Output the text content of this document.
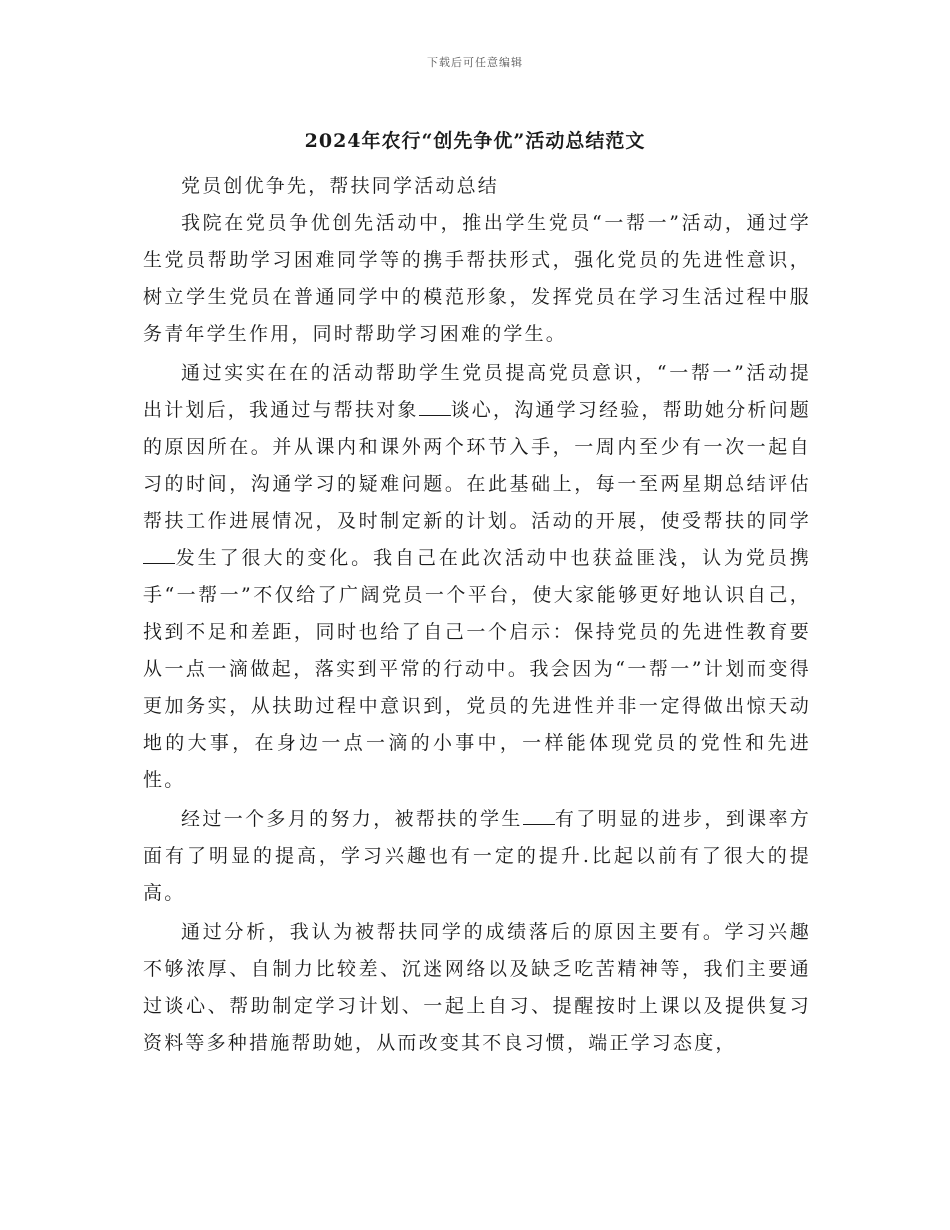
下载后可任意编辑
2024年农行“创先争优”活动总结范文

党员创优争先，帮扶同学活动总结

我院在党员争优创先活动中，推出学生党员“一帮一”活动，通过学生党员帮助学习困难同学等的携手帮扶形式，强化党员的先进性意识，树立学生党员在普通同学中的模范形象，发挥党员在学习生活过程中服务青年学生作用，同时帮助学习困难的学生。

通过实实在在的活动帮助学生党员提高党员意识，“一帮一”活动提出计划后，我通过与帮扶对象 谈心，沟通学习经验，帮助她分析问题的原因所在。并从课内和课外两个环节入手，一周内至少有一次一起自习的时间，沟通学习的疑难问题。在此基础上，每一至两星期总结评估帮扶工作进展情况，及时制定新的计划。活动的开展，使受帮扶的同学发生了很大的变化。我自己在此次活动中也获益匪浅，认为党员携手“一帮一”不仅给了广阔党员一个平台，使大家能够更好地认识自己，找到不足和差距，同时也给了自己一个启示：保持党员的先进性教育要从一点一滴做起，落实到平常的行动中。我会因为“一帮一”计划而变得更加务实，从扶助过程中意识到，党员的先进性并非一定得做出惊天动地的大事，在身边一点一滴的小事中，一样能体现党员的党性和先进性。

经过一个多月的努力，被帮扶的学生 有了明显的进步，到课率方面有了明显的提高，学习兴趣也有一定的提升.比起以前有了很大的提高。

通过分析，我认为被帮扶同学的成绩落后的原因主要有。学习兴趣不够浓厚、自制力比较差、沉迷网络以及缺乏吃苦精神等，我们主要通过谈心、帮助制定学习计划、一起上自习、提醒按时上课以及提供复习资料等多种措施帮助她，从而改变其不良习惯，端正学习态度，
